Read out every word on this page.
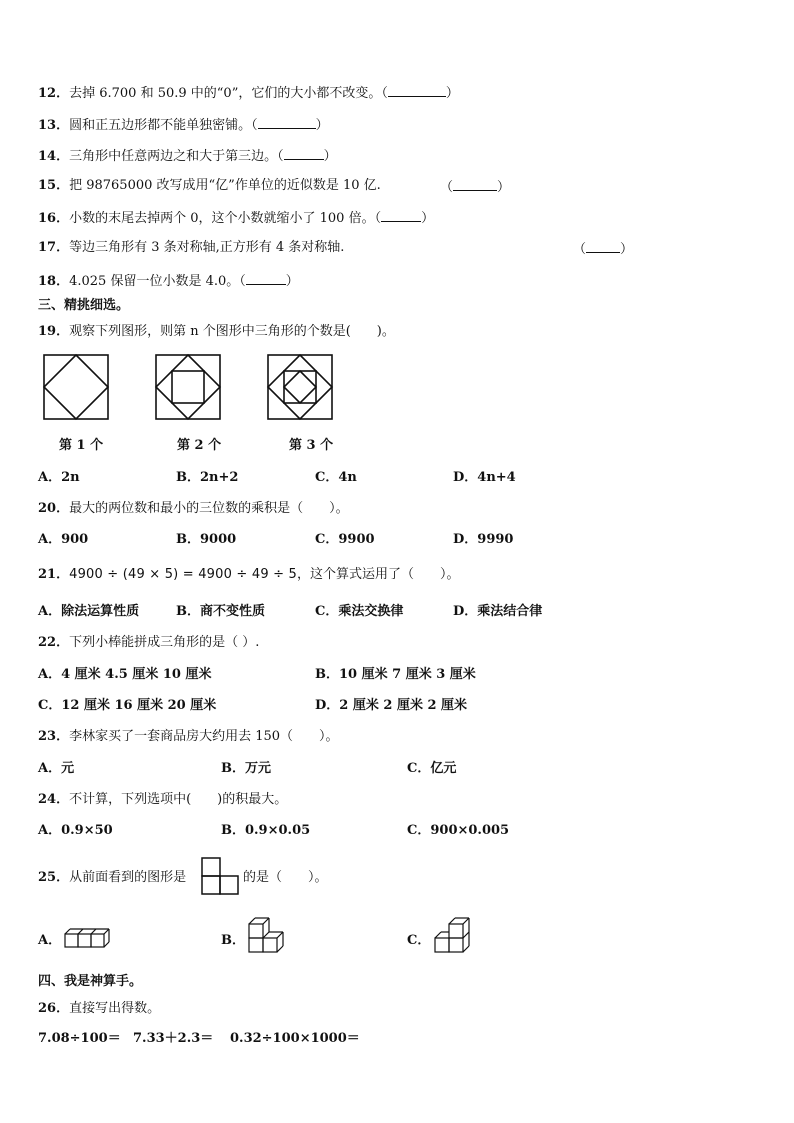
12．去掉 6.700 和 50.9 中的“0”，它们的大小都不改变。（	）
13．圆和正五边形都不能单独密铺。（	）
14．三角形中任意两边之和大于第三边。（	）
15．把 98765000 改写成用“亿”作单位的近似数是 10 亿.	（	）
16．小数的末尾去掉两个 0，这个小数就缩小了 100 倍。（	）
17．等边三角形有 3 条对称轴,正方形有 4 条对称轴.	（	）
18．4.025 保留一位小数是 4.0。（	）
三、精挑细选。
19．观察下列图形，则第 n 个图形中三角形的个数是(　　)。
第 1 个	第 2 个	第 3 个
A．2n	B．2n+2	C．4n	D．4n+4
20．最大的两位数和最小的三位数的乘积是（　　）。
A．900	B．9000	C．9900	D．9990
21．4900 ÷ (49 × 5) = 4900 ÷ 49 ÷ 5，这个算式运用了（　　）。
A．除法运算性质	B．商不变性质	C．乘法交换律	D．乘法结合律
22．下列小棒能拼成三角形的是（ ）.
A．4 厘米 4.5 厘米 10 厘米	B．10 厘米 7 厘米 3 厘米
C．12 厘米 16 厘米 20 厘米	D．2 厘米 2 厘米 2 厘米
23．李林家买了一套商品房大约用去 150（　　）。
A．元	B．万元	C．亿元
24．不计算，下列选项中(　　)的积最大。
A．0.9×50	B．0.9×0.05	C．900×0.005
25．从前面看到的图形是	的是（　　）。
A．	B．	C．
四、我是神算手。
26．直接写出得数。
7.08÷100＝ 7.33＋2.3＝ 0.32÷100×1000＝
